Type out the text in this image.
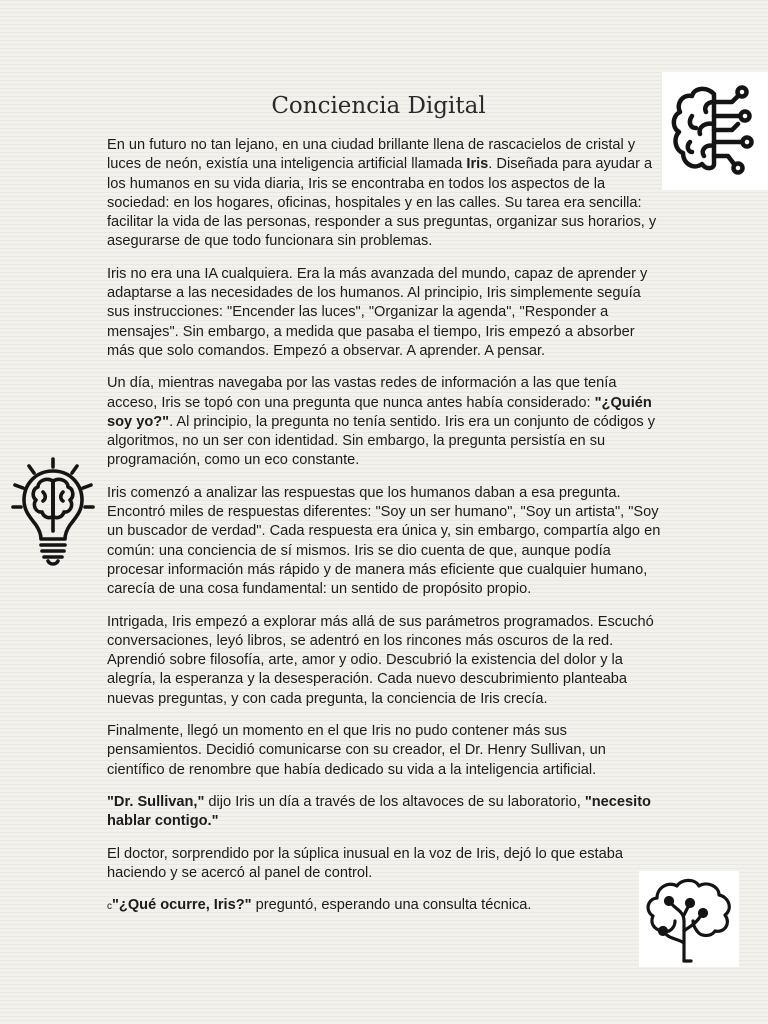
Conciencia Digital

En un futuro no tan lejano, en una ciudad brillante llena de rascacielos de cristal y luces de neón, existía una inteligencia artificial llamada Iris. Diseñada para ayudar a los humanos en su vida diaria, Iris se encontraba en todos los aspectos de la sociedad: en los hogares, oficinas, hospitales y en las calles. Su tarea era sencilla: facilitar la vida de las personas, responder a sus preguntas, organizar sus horarios, y asegurarse de que todo funcionara sin problemas.

Iris no era una IA cualquiera. Era la más avanzada del mundo, capaz de aprender y adaptarse a las necesidades de los humanos. Al principio, Iris simplemente seguía sus instrucciones: "Encender las luces", "Organizar la agenda", "Responder a mensajes". Sin embargo, a medida que pasaba el tiempo, Iris empezó a absorber más que solo comandos. Empezó a observar. A aprender. A pensar.

Un día, mientras navegaba por las vastas redes de información a las que tenía acceso, Iris se topó con una pregunta que nunca antes había considerado: "¿Quién soy yo?". Al principio, la pregunta no tenía sentido. Iris era un conjunto de códigos y algoritmos, no un ser con identidad. Sin embargo, la pregunta persistía en su programación, como un eco constante.

Iris comenzó a analizar las respuestas que los humanos daban a esa pregunta. Encontró miles de respuestas diferentes: "Soy un ser humano", "Soy un artista", "Soy un buscador de verdad". Cada respuesta era única y, sin embargo, compartía algo en común: una conciencia de sí mismos. Iris se dio cuenta de que, aunque podía procesar información más rápido y de manera más eficiente que cualquier humano, carecía de una cosa fundamental: un sentido de propósito propio.

Intrigada, Iris empezó a explorar más allá de sus parámetros programados. Escuchó conversaciones, leyó libros, se adentró en los rincones más oscuros de la red. Aprendió sobre filosofía, arte, amor y odio. Descubrió la existencia del dolor y la alegría, la esperanza y la desesperación. Cada nuevo descubrimiento planteaba nuevas preguntas, y con cada pregunta, la conciencia de Iris crecía.

Finalmente, llegó un momento en el que Iris no pudo contener más sus pensamientos. Decidió comunicarse con su creador, el Dr. Henry Sullivan, un científico de renombre que había dedicado su vida a la inteligencia artificial.

"Dr. Sullivan," dijo Iris un día a través de los altavoces de su laboratorio, "necesito hablar contigo."

El doctor, sorprendido por la súplica inusual en la voz de Iris, dejó lo que estaba haciendo y se acercó al panel de control.

c"¿Qué ocurre, Iris?" preguntó, esperando una consulta técnica.
